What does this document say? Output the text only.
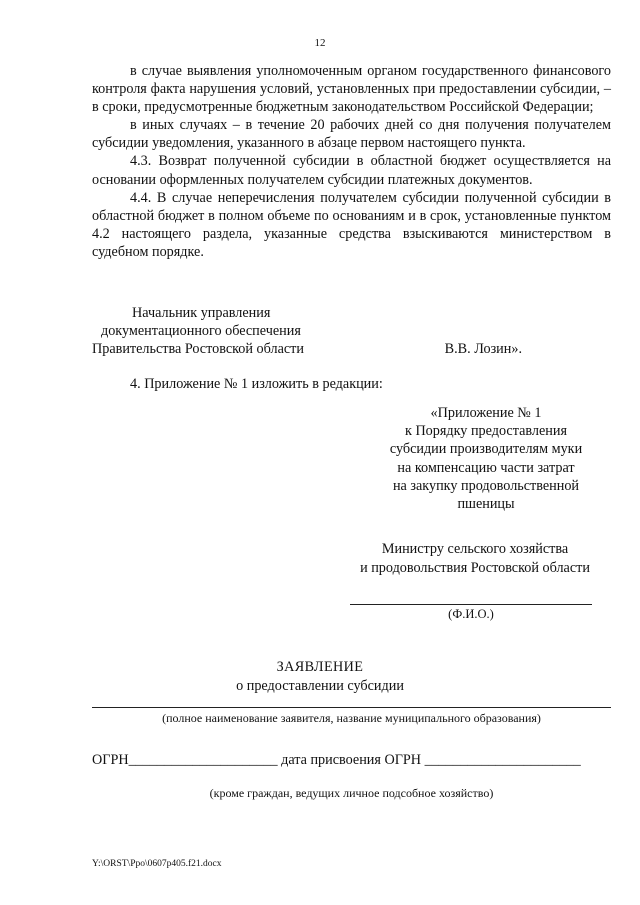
12

в случае выявления уполномоченным органом государственного финансового контроля факта нарушения условий, установленных при предоставлении субсидии, – в сроки, предусмотренные бюджетным законодательством Российской Федерации;

в иных случаях – в течение 20 рабочих дней со дня получения получателем субсидии уведомления, указанного в абзаце первом настоящего пункта.

4.3. Возврат полученной субсидии в областной бюджет осуществляется на основании оформленных получателем субсидии платежных документов.

4.4. В случае неперечисления получателем субсидии полученной субсидии в областной бюджет в полном объеме по основаниям и в срок, установленные пунктом 4.2 настоящего раздела, указанные средства взыскиваются министерством в судебном порядке.

Начальник управления
документационного обеспечения
Правительства Ростовской области	В.В. Лозин».
4. Приложение № 1 изложить в редакции:
«Приложение № 1
к Порядку предоставления
субсидии производителям муки
на компенсацию части затрат
на закупку продовольственной
пшеницы
Министру сельского хозяйства
и продовольствия Ростовской области
(Ф.И.О.)
ЗАЯВЛЕНИЕ
о предоставлении субсидии
(полное наименование заявителя, название муниципального образования)
ОГРН_____________________ дата присвоения ОГРН ______________________
(кроме граждан, ведущих личное подсобное хозяйство)
Y:\ORST\Ppo\0607p405.f21.docx
